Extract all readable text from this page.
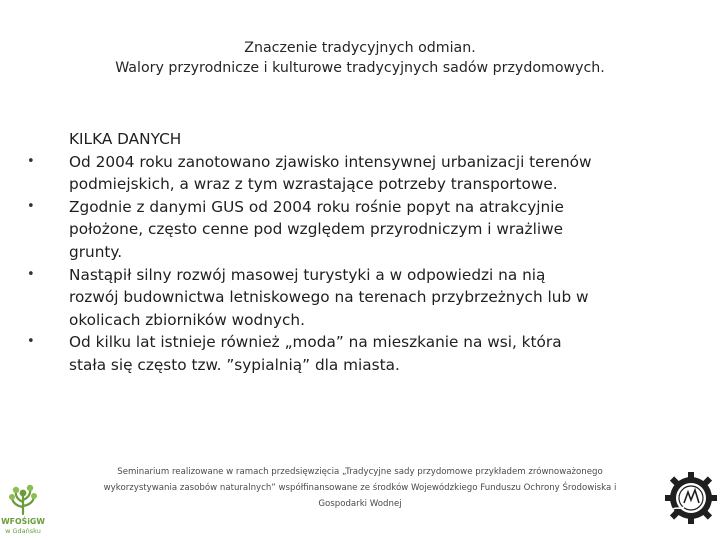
Znaczenie tradycyjnych odmian.
Walory przyrodnicze i kulturowe tradycyjnych sadów przydomowych.
KILKA DANYCH
• Od 2004 roku zanotowano zjawisko intensywnej urbanizacji terenów
podmiejskich, a wraz z tym wzrastające potrzeby transportowe.
• Zgodnie z danymi GUS od 2004 roku rośnie popyt na atrakcyjnie
położone, często cenne pod względem przyrodniczym i wrażliwe
grunty.
• Nastąpił silny rozwój masowej turystyki a w odpowiedzi na nią
rozwój budownictwa letniskowego na terenach przybrzeżnych lub w
okolicach zbiorników wodnych.
• Od kilku lat istnieje również „moda” na mieszkanie na wsi, która
stała się często tzw. ”sypialnią” dla miasta.
Seminarium realizowane w ramach przedsięwzięcia „Tradycyjne sady przydomowe przykładem zrównoważonego
wykorzystywania zasobów naturalnych” współfinansowane ze środków Wojewódzkiego Funduszu Ochrony Środowiska i
Gospodarki Wodnej
WFOŚiGW
w Gdańsku
